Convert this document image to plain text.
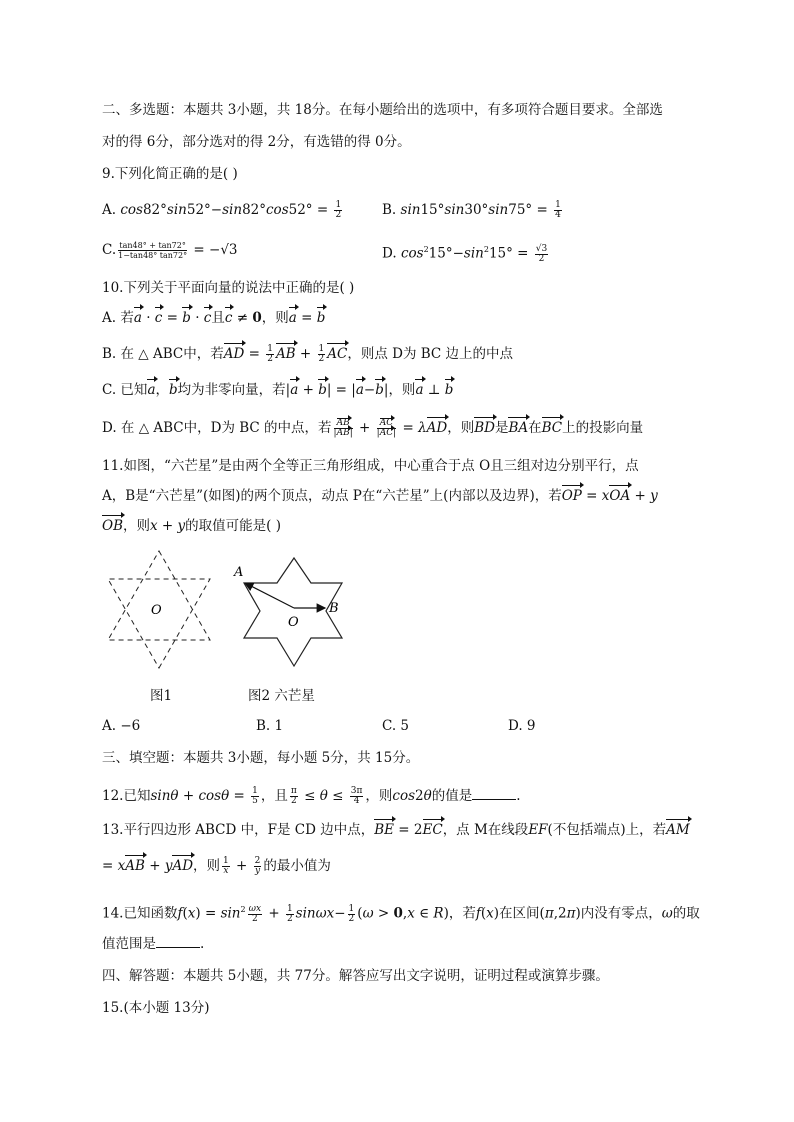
二、多选题：本题共 3小题，共 18分。在每小题给出的选项中，有多项符合题目要求。全部选
对的得 6分，部分选对的得 2分，有选错的得 0分。
9.下列化简正确的是( )
A. $\cos 82^\circ\sin 52^\circ-\sin 82^\circ\cos 52^\circ = \frac{1}{2}$	B. $\sin 15^\circ\sin 30^\circ\sin 75^\circ = \frac{1}{4}$
C. $\frac{\tan 48^\circ + \tan 72^\circ}{1-\tan 48^\circ \tan 72^\circ} = -√3$	D. $\cos^215^\circ-\sin^215^\circ = \frac{√3}{2}$
10.下列关于平面向量的说法中正确的是( )
A. 若a · c = b · c且c ≠ 0，则a = b
B. 在 △ ABC中，若AD = $\frac{1}{2}$ AB + $\frac{1}{2}$ AC，则点 D为 BC 边上的中点
C. 已知a，b均为非零向量，若|a + b| = |a−b|，则a ⊥ b
D. 在 △ ABC中，D为 BC 的中点，若 $\frac{AB}{|AB|} + \frac{AC}{|AC|} = \lambda AD$，则BD是BA在BC上的投影向量
11.如图，“六芒星”是由两个全等正三角形组成，中心重合于点 O且三组对边分别平行，点
A，B是“六芒星”(如图)的两个顶点，动点 P在“六芒星”上(内部以及边界)，若OP = xOA + y
OB，则x + y的取值可能是( )
O
图1
A
B
O
图2 六芒星
A. −6	B. 1	C. 5	D. 9
三、填空题：本题共 3小题，每小题 5分，共 15分。
12.已知$\sin\theta + \cos\theta = \frac{1}{5}$ ，且 $\frac{\pi}{2} \le \theta \le \frac{3\pi}{4}$ ，则cos2θ的值是	.
13.平行四边形 ABCD 中，F是 CD 边中点，BE = 2EC，点 M在线段EF(不包括端点)上，若AM
= xAB + yAD，则 $\frac{1}{x} + \frac{2}{y}$ 的最小值为
14.已知函数$f(x) = \sin^2 \frac{\omega x}{2} + \frac{1}{2} \sin\omega x- \frac{1}{2} (\omega > 0,x$ ∈ R)，若f(x)在区间(π,2π)内没有零点，ω的取
值范围是	.
四、解答题：本题共 5小题，共 77分。解答应写出文字说明，证明过程或演算步骤。
15.(本小题 13分)
